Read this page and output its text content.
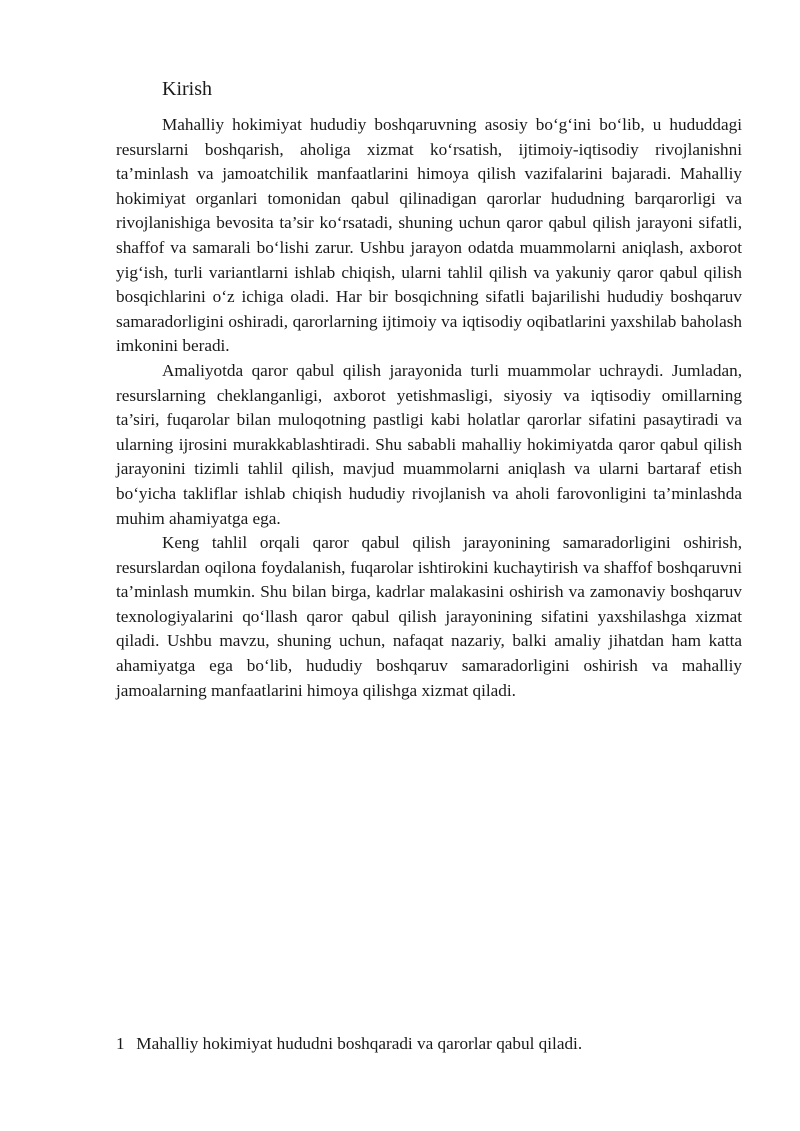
Kirish

Mahalliy hokimiyat hududiy boshqaruvning asosiy bo‘g‘ini bo‘lib, u hududdagi resurslarni boshqarish, aholiga xizmat ko‘rsatish, ijtimoiy-iqtisodiy rivojlanishni ta’minlash va jamoatchilik manfaatlarini himoya qilish vazifalarini bajaradi. Mahalliy hokimiyat organlari tomonidan qabul qilinadigan qarorlar hududning barqarorligi va rivojlanishiga bevosita ta’sir ko‘rsatadi, shuning uchun qaror qabul qilish jarayoni sifatli, shaffof va samarali bo‘lishi zarur. Ushbu jarayon odatda muammolarni aniqlash, axborot yig‘ish, turli variantlarni ishlab chiqish, ularni tahlil qilish va yakuniy qaror qabul qilish bosqichlarini o‘z ichiga oladi. Har bir bosqichning sifatli bajarilishi hududiy boshqaruv samaradorligini oshiradi, qarorlarning ijtimoiy va iqtisodiy oqibatlarini yaxshilab baholash imkonini beradi.

Amaliyotda qaror qabul qilish jarayonida turli muammolar uchraydi. Jumladan, resurslarning cheklanganligi, axborot yetishmasligi, siyosiy va iqtisodiy omillarning ta’siri, fuqarolar bilan muloqotning pastligi kabi holatlar qarorlar sifatini pasaytiradi va ularning ijrosini murakkablashtiradi. Shu sababli mahalliy hokimiyatda qaror qabul qilish jarayonini tizimli tahlil qilish, mavjud muammolarni aniqlash va ularni bartaraf etish bo‘yicha takliflar ishlab chiqish hududiy rivojlanish va aholi farovonligini ta’minlashda muhim ahamiyatga ega.

Keng tahlil orqali qaror qabul qilish jarayonining samaradorligini oshirish, resurslardan oqilona foydalanish, fuqarolar ishtirokini kuchaytirish va shaffof boshqaruvni ta’minlash mumkin. Shu bilan birga, kadrlar malakasini oshirish va zamonaviy boshqaruv texnologiyalarini qo‘llash qaror qabul qilish jarayonining sifatini yaxshilashga xizmat qiladi. Ushbu mavzu, shuning uchun, nafaqat nazariy, balki amaliy jihatdan ham katta ahamiyatga ega bo‘lib, hududiy boshqaruv samaradorligini oshirish va mahalliy jamoalarning manfaatlarini himoya qilishga xizmat qiladi.

1 Mahalliy hokimiyat hududni boshqaradi va qarorlar qabul qiladi.
